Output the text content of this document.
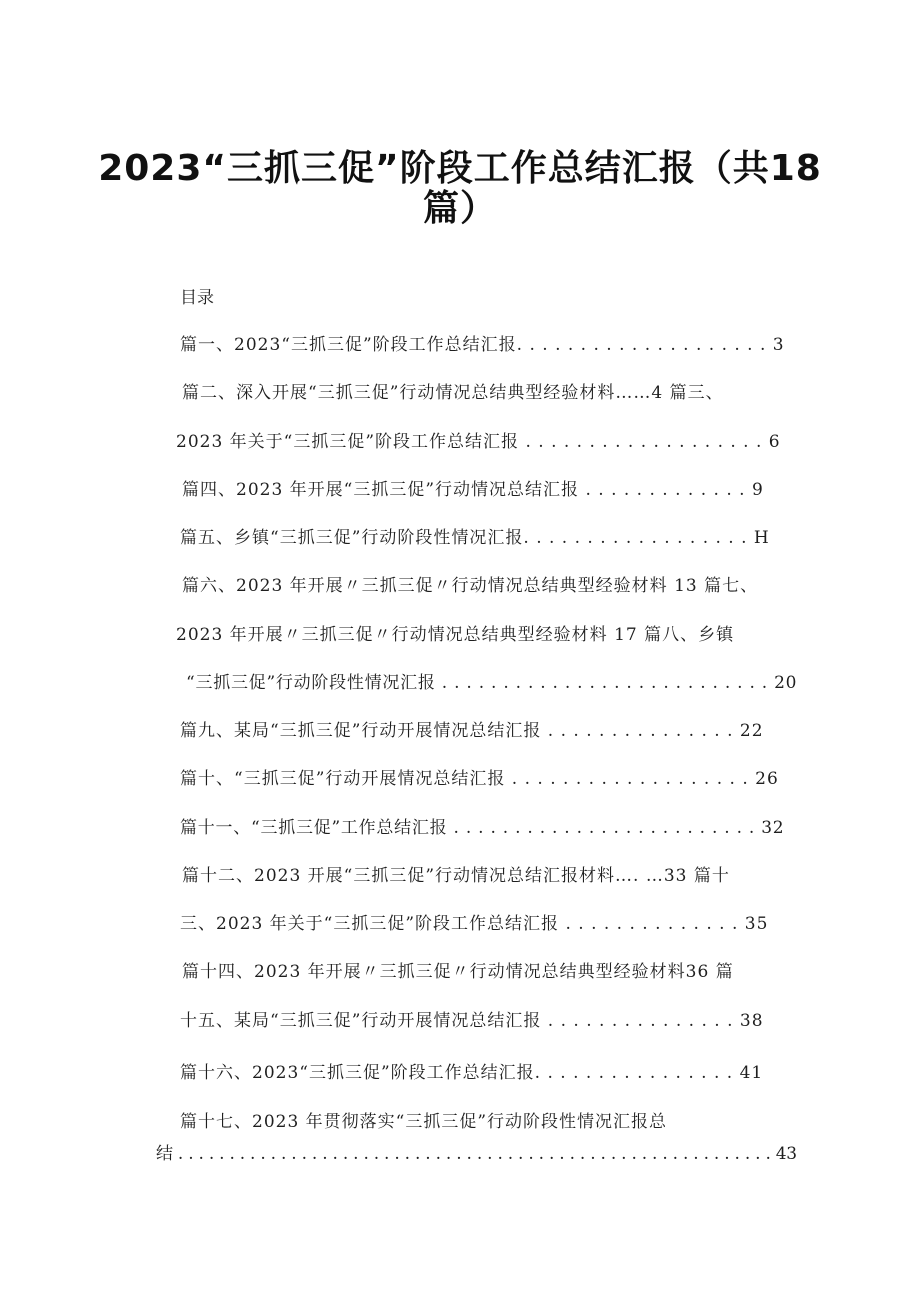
2023“三抓三促”阶段工作总结汇报（共18
篇）
目录
篇一、2023“三抓三促”阶段工作总结汇报. . . . . . . . . . . . . . . . . . . . 3
篇二、深入开展“三抓三促”行动情况总结典型经验材料……4 篇三、
2023 年关于“三抓三促”阶段工作总结汇报 . . . . . . . . . . . . . . . . . . . 6
篇四、2023 年开展“三抓三促”行动情况总结汇报 . . . . . . . . . . . . . 9
篇五、乡镇“三抓三促”行动阶段性情况汇报. . . . . . . . . . . . . . . . . . H
篇六、2023 年开展〃三抓三促〃行动情况总结典型经验材料 13 篇七、
2023 年开展〃三抓三促〃行动情况总结典型经验材料 17 篇八、乡镇
“三抓三促”行动阶段性情况汇报 . . . . . . . . . . . . . . . . . . . . . . . . . . . 20
篇九、某局“三抓三促”行动开展情况总结汇报 . . . . . . . . . . . . . . . 22
篇十、“三抓三促”行动开展情况总结汇报 . . . . . . . . . . . . . . . . . . . 26
篇十一、“三抓三促”工作总结汇报 . . . . . . . . . . . . . . . . . . . . . . . . . 32
篇十二、2023 开展“三抓三促”行动情况总结汇报材料…. …33 篇十
三、2023 年关于“三抓三促”阶段工作总结汇报 . . . . . . . . . . . . . . 35
篇十四、2023 年开展〃三抓三促〃行动情况总结典型经验材料36 篇
十五、某局“三抓三促”行动开展情况总结汇报 . . . . . . . . . . . . . . . 38
篇十六、2023“三抓三促”阶段工作总结汇报. . . . . . . . . . . . . . . . 41
篇十七、2023 年贯彻落实“三抓三促”行动阶段性情况汇报总
结 . . . . . . . . . . . . . . . . . . . . . . . . . . . . . . . . . . . . . . . . . . . . . . . . . . . . . . . . . . 43
